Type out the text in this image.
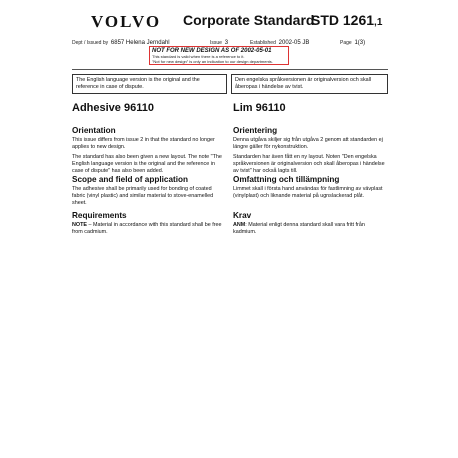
VOLVO Corporate Standard
STD 1261,1
Dept / Issued by 6857 Helena Jerndahl	Issue 3	Established 2002-05 JB	Page 1(3)
NOT FOR NEW DESIGN AS OF 2002-05-01
This standard is valid when there is a reference to it.
"Not for new design" is only an indication to our design departments.
The English language version is the original and the reference in case of dispute.
Den engelska språkversionen är originalversion och skall åberopas i händelse av tvist.
Adhesive 96110
Orientation
This issue differs from issue 2 in that the standard no longer applies to new design.
The standard has also been given a new layout. The note "The English language version is the original and the reference in case of dispute" has also been added.
Scope and field of application
The adhesive shall be primarily used for bonding of coated fabric (vinyl plastic) and similar material to stove-enamelled sheet.
Requirements
NOTE – Material in accordance with this standard shall be free from cadmium.
Lim 96110
Orientering
Denna utgåva skiljer sig från utgåva 2 genom att standarden ej längre gäller för nykonstruktion.
Standarden har även fått en ny layout. Noten "Den engelska språkversionen är originalversion och skall åberopas i händelse av tvist" har också lagts till.
Omfattning och tillämpning
Limmet skall i första hand användas för fastlimning av vävplast (vinylplast) och liknande material på ugnslackerad plåt.
Krav
ANM: Material enligt denna standard skall vara fritt från kadmium.
